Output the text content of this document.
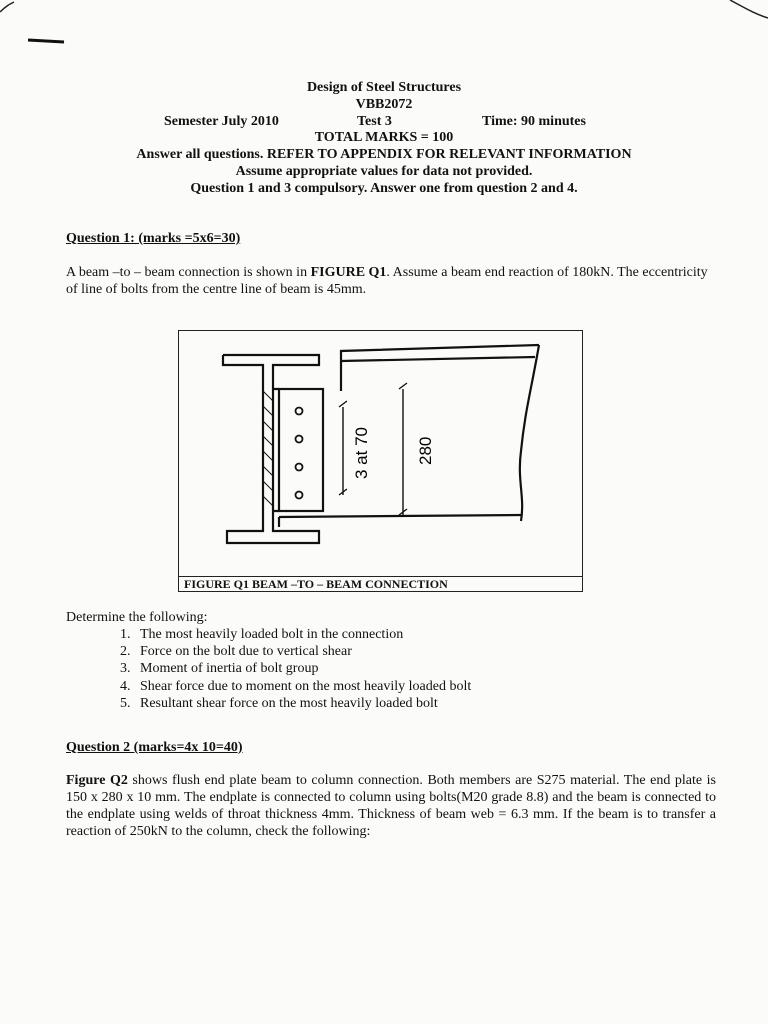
Design of Steel Structures
VBB2072
Semester July 2010	Test 3	Time: 90 minutes
TOTAL MARKS = 100
Answer all questions. REFER TO APPENDIX FOR RELEVANT INFORMATION
Assume appropriate values for data not provided.
Question 1 and 3 compulsory. Answer one from question 2 and 4.
Question 1: (marks =5x6=30)
A beam –to – beam connection is shown in FIGURE Q1. Assume a beam end reaction of 180kN. The eccentricity of line of bolts from the centre line of beam is 45mm.
3 at 70	280
FIGURE Q1 BEAM –TO – BEAM CONNECTION
Determine the following:
1. The most heavily loaded bolt in the connection
2. Force on the bolt due to vertical shear
3. Moment of inertia of bolt group
4. Shear force due to moment on the most heavily loaded bolt
5. Resultant shear force on the most heavily loaded bolt
Question 2 (marks=4x 10=40)
Figure Q2 shows flush end plate beam to column connection. Both members are S275 material. The end plate is 150 x 280 x 10 mm. The endplate is connected to column using bolts(M20 grade 8.8) and the beam is connected to the endplate using welds of throat thickness 4mm. Thickness of beam web = 6.3 mm. If the beam is to transfer a reaction of 250kN to the column, check the following:
